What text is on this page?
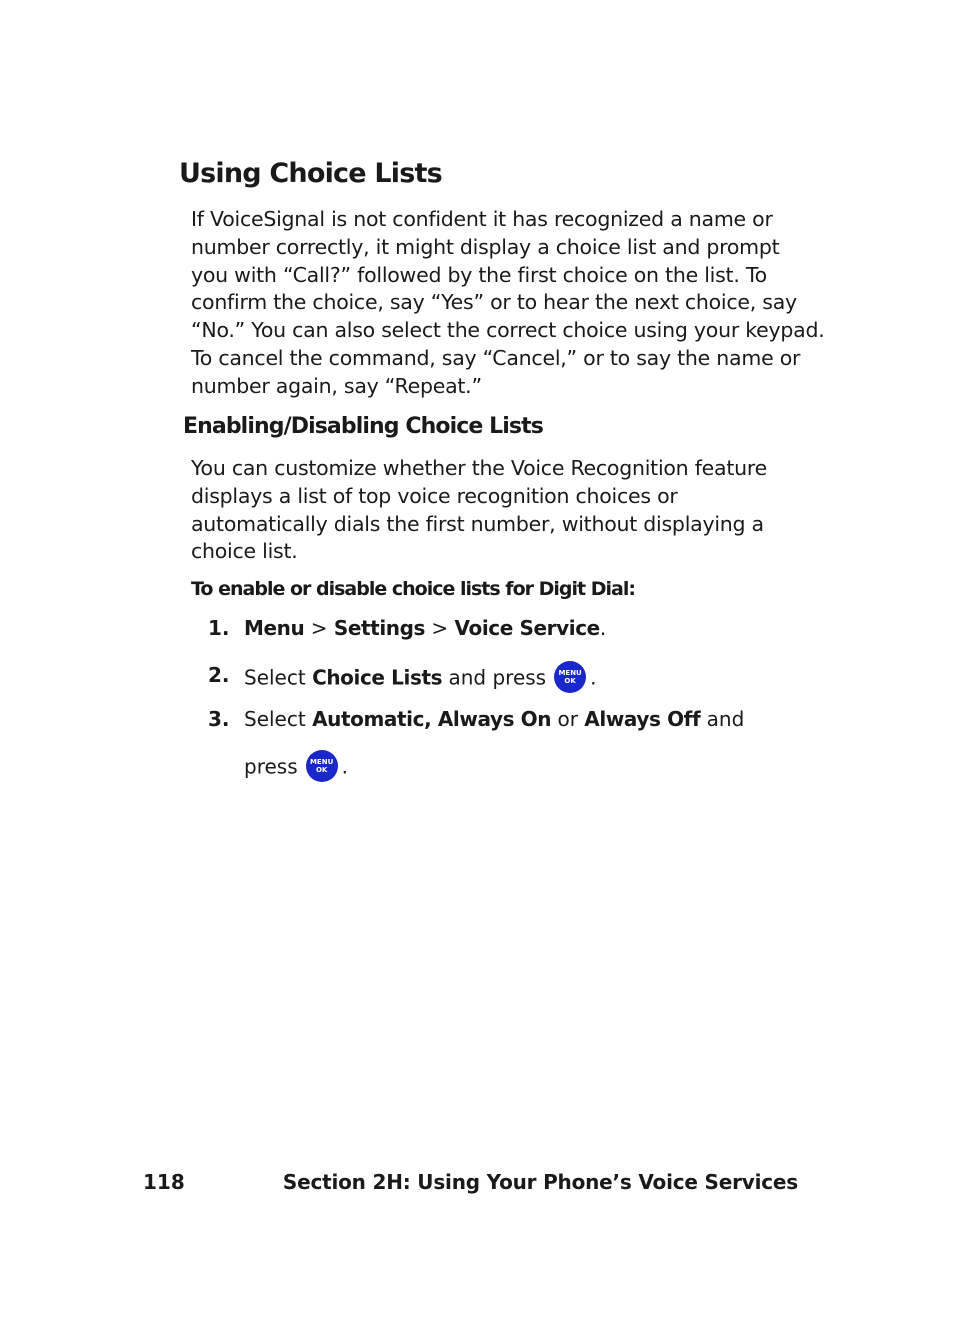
Using Choice Lists
If VoiceSignal is not confident it has recognized a name or
number correctly, it might display a choice list and prompt
you with “Call?” followed by the first choice on the list. To
confirm the choice, say “Yes” or to hear the next choice, say
“No.” You can also select the correct choice using your keypad.
To cancel the command, say “Cancel,” or to say the name or
number again, say “Repeat.”
Enabling/Disabling Choice Lists
You can customize whether the Voice Recognition feature
displays a list of top voice recognition choices or
automatically dials the first number, without displaying a
choice list.

To enable or disable choice lists for Digit Dial:

1. Menu > Settings > Voice Service.
2. Select Choice Lists and press	MENU
OK .
3. Select Automatic, Always On or Always Off and
press	MENU
OK .
118	Section 2H: Using Your Phone’s Voice Services
